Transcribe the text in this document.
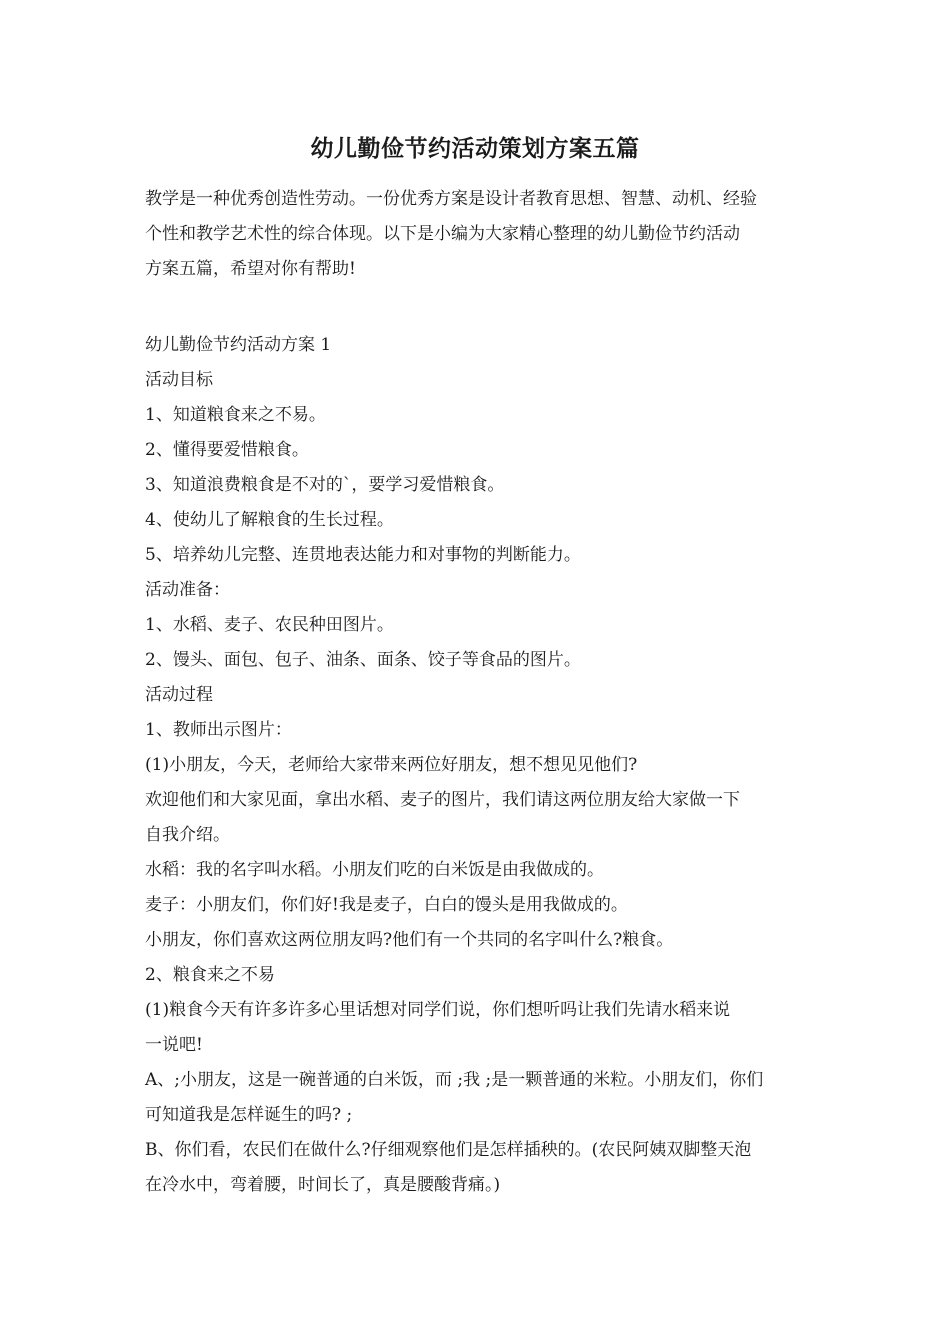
幼儿勤俭节约活动策划方案五篇
教学是一种优秀创造性劳动。一份优秀方案是设计者教育思想、智慧、动机、经验
个性和教学艺术性的综合体现。以下是小编为大家精心整理的幼儿勤俭节约活动
方案五篇，希望对你有帮助!
幼儿勤俭节约活动方案 1
活动目标
1、知道粮食来之不易。
2、懂得要爱惜粮食。
3、知道浪费粮食是不对的`，要学习爱惜粮食。
4、使幼儿了解粮食的生长过程。
5、培养幼儿完整、连贯地表达能力和对事物的判断能力。
活动准备：
1、水稻、麦子、农民种田图片。
2、馒头、面包、包子、油条、面条、饺子等食品的图片。
活动过程
1、教师出示图片：
(1)小朋友，今天，老师给大家带来两位好朋友，想不想见见他们?
欢迎他们和大家见面，拿出水稻、麦子的图片，我们请这两位朋友给大家做一下
自我介绍。
水稻：我的名字叫水稻。小朋友们吃的白米饭是由我做成的。
麦子：小朋友们，你们好!我是麦子，白白的馒头是用我做成的。
小朋友，你们喜欢这两位朋友吗?他们有一个共同的名字叫什么?粮食。
2、粮食来之不易
(1)粮食今天有许多许多心里话想对同学们说，你们想听吗让我们先请水稻来说
一说吧!
A、;小朋友，这是一碗普通的白米饭，而 ;我 ;是一颗普通的米粒。小朋友们，你们
可知道我是怎样诞生的吗? ;
B、你们看，农民们在做什么?仔细观察他们是怎样插秧的。(农民阿姨双脚整天泡
在冷水中，弯着腰，时间长了，真是腰酸背痛。)
